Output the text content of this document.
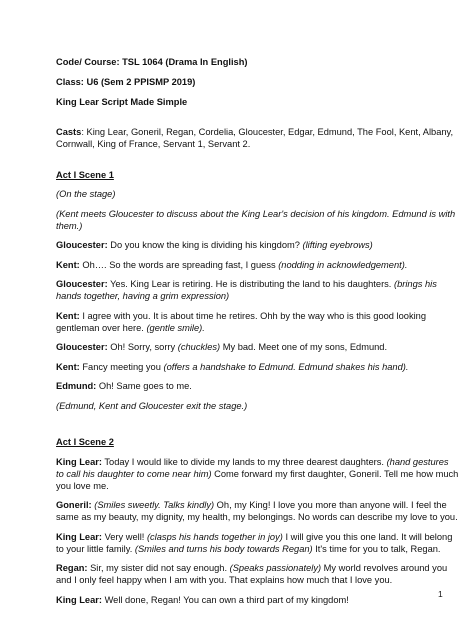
Code/ Course: TSL 1064 (Drama In English)
Class: U6 (Sem 2 PPISMP 2019)
King Lear Script Made Simple
Casts: King Lear, Goneril, Regan, Cordelia, Gloucester, Edgar, Edmund, The Fool, Kent, Albany,
Cornwall, King of France, Servant 1, Servant 2.
Act I Scene 1
(On the stage)
(Kent meets Gloucester to discuss about the King Lear's decision of his kingdom. Edmund is with
them.)
Gloucester: Do you know the king is dividing his kingdom? (lifting eyebrows)
Kent: Oh…. So the words are spreading fast, I guess (nodding in acknowledgement).
Gloucester: Yes. King Lear is retiring. He is distributing the land to his daughters. (brings his
hands together, having a grim expression)
Kent: I agree with you. It is about time he retires. Ohh by the way who is this good looking
gentleman over here. (gentle smile).
Gloucester: Oh! Sorry, sorry (chuckles) My bad. Meet one of my sons, Edmund.
Kent: Fancy meeting you (offers a handshake to Edmund. Edmund shakes his hand).
Edmund: Oh! Same goes to me.
(Edmund, Kent and Gloucester exit the stage.)
Act I Scene 2
King Lear: Today I would like to divide my lands to my three dearest daughters. (hand gestures
to call his daughter to come near him) Come forward my first daughter, Goneril. Tell me how much
you love me.
Goneril: (Smiles sweetly. Talks kindly) Oh, my King! I love you more than anyone will. I feel the
same as my beauty, my dignity, my health, my belongings. No words can describe my love to you.
King Lear: Very well! (clasps his hands together in joy) I will give you this one land. It will belong
to your little family. (Smiles and turns his body towards Regan) It's time for you to talk, Regan.
Regan: Sir, my sister did not say enough. (Speaks passionately) My world revolves around you
and I only feel happy when I am with you. That explains how much that I love you.
King Lear: Well done, Regan! You can own a third part of my kingdom!
1
